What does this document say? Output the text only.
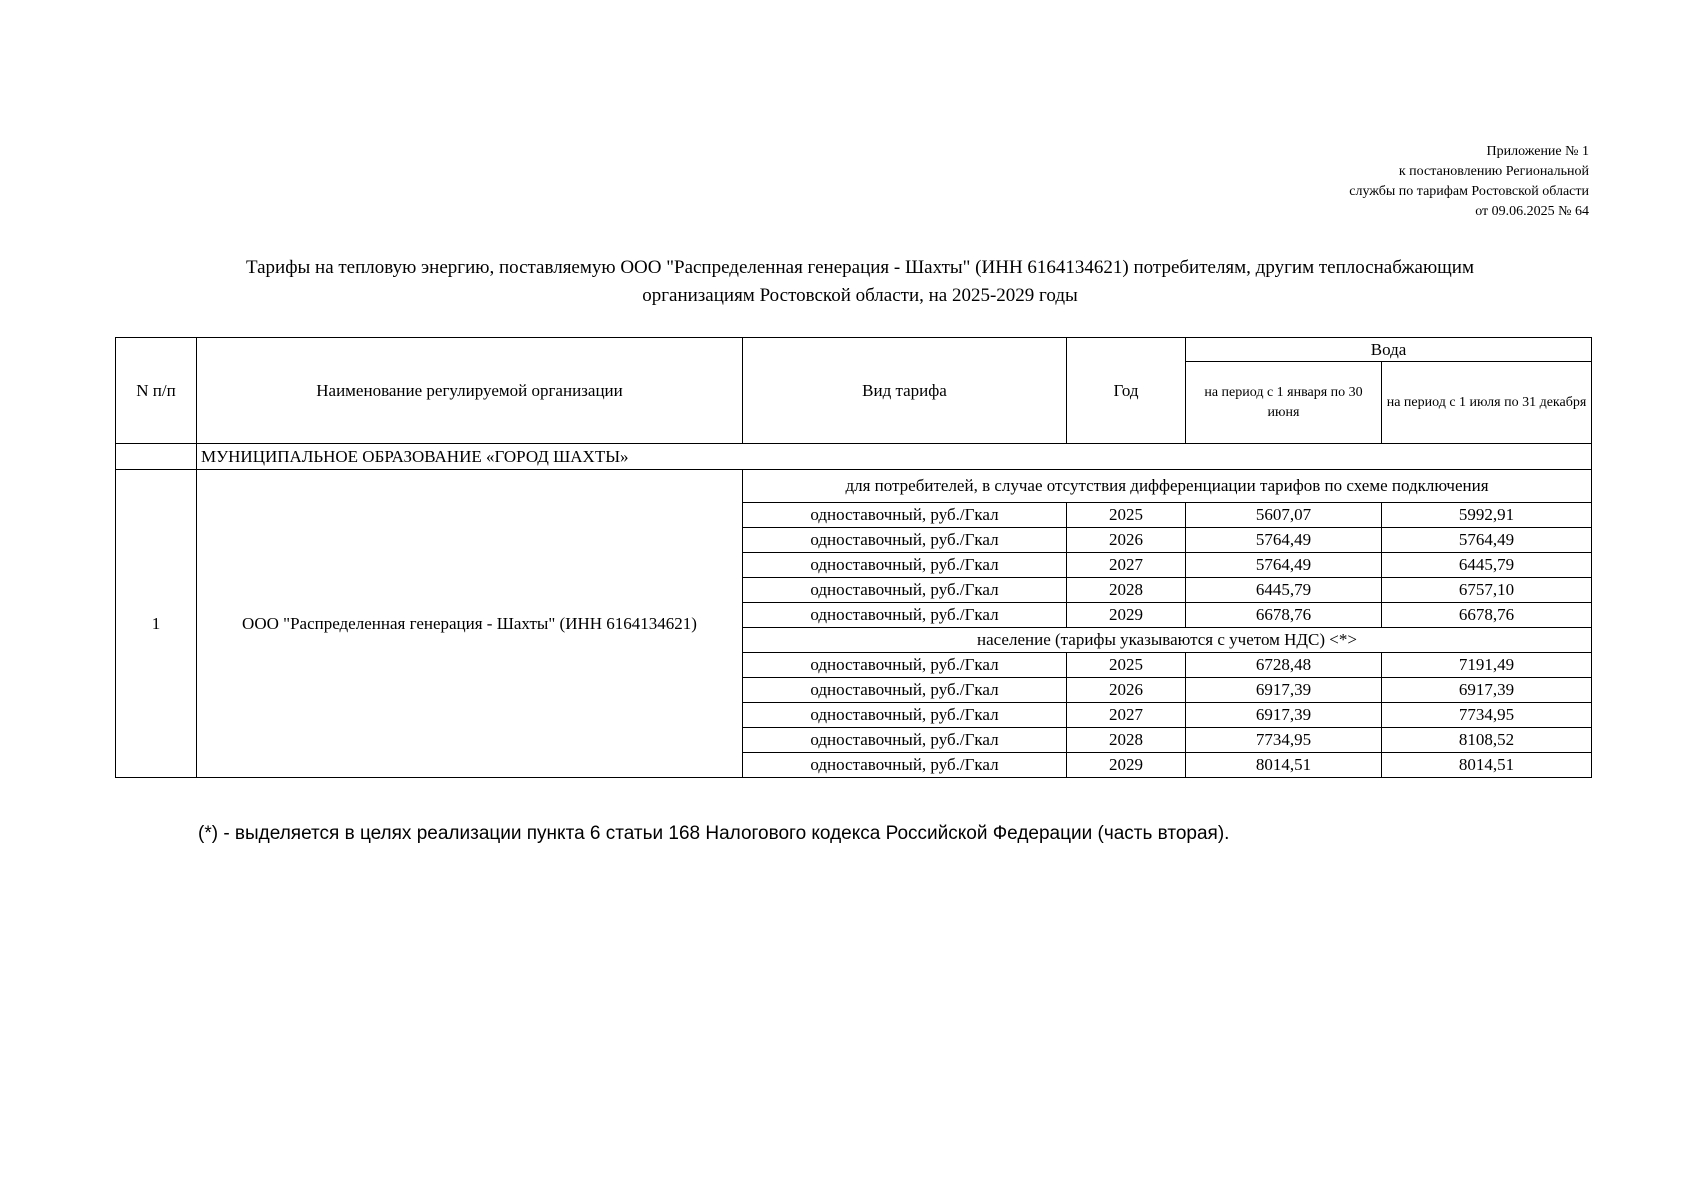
Приложение № 1
к постановлению Региональной
службы по тарифам Ростовской области
от 09.06.2025 № 64
Тарифы на тепловую энергию, поставляемую ООО "Распределенная генерация - Шахты" (ИНН 6164134621) потребителям, другим теплоснабжающим
организациям Ростовской области, на 2025-2029 годы
N п/п	Наименование регулируемой организации	Вид тарифа	Год	Вода	
				на период с 1 января по 30 июня	на период с 1 июля по 31 декабря
	МУНИЦИПАЛЬНОЕ ОБРАЗОВАНИЕ «ГОРОД ШАХТЫ»				
1	ООО "Распределенная генерация - Шахты" (ИНН 6164134621)	для потребителей, в случае отсутствия дифференциации тарифов по схеме подключения			
		одноставочный, руб./Гкал	2025	5607,07	5992,91
		одноставочный, руб./Гкал	2026	5764,49	5764,49
		одноставочный, руб./Гкал	2027	5764,49	6445,79
		одноставочный, руб./Гкал	2028	6445,79	6757,10
		одноставочный, руб./Гкал	2029	6678,76	6678,76
		население (тарифы указываются с учетом НДС) <*>			
		одноставочный, руб./Гкал	2025	6728,48	7191,49
		одноставочный, руб./Гкал	2026	6917,39	6917,39
		одноставочный, руб./Гкал	2027	6917,39	7734,95
		одноставочный, руб./Гкал	2028	7734,95	8108,52
		одноставочный, руб./Гкал	2029	8014,51	8014,51
(*) - выделяется в целях реализации пункта 6 статьи 168 Налогового кодекса Российской Федерации (часть вторая).
